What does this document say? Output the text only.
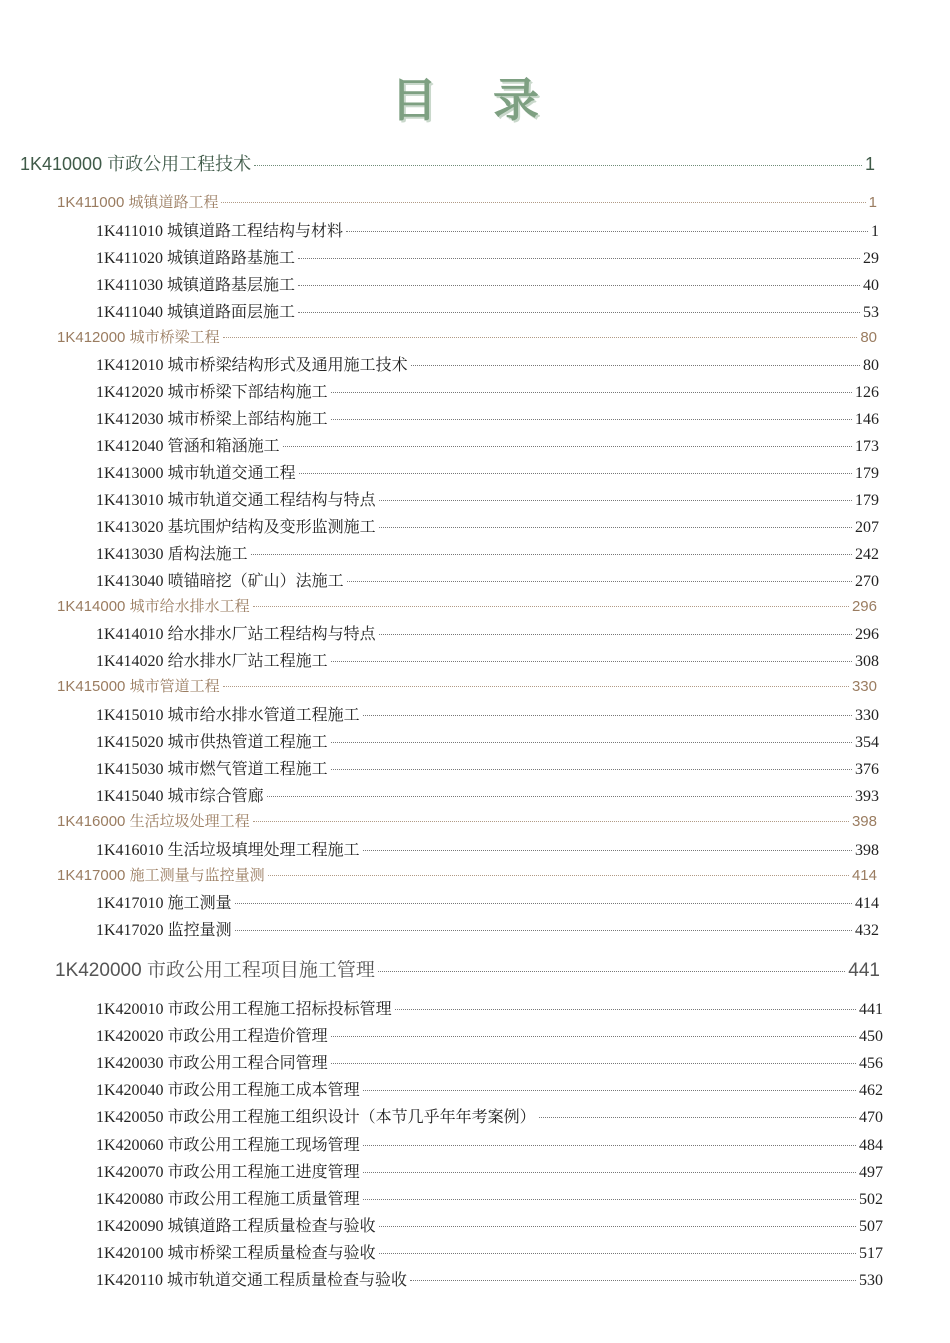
目 录
1K410000 市政公用工程技术	1
1K411000 城镇道路工程	1
1K411010 城镇道路工程结构与材料	1
1K411020 城镇道路路基施工	29
1K411030 城镇道路基层施工	40
1K411040 城镇道路面层施工	53
1K412000 城市桥梁工程	80
1K412010 城市桥梁结构形式及通用施工技术	80
1K412020 城市桥梁下部结构施工	126
1K412030 城市桥梁上部结构施工	146
1K412040 管涵和箱涵施工	173
1K413000 城市轨道交通工程	179
1K413010 城市轨道交通工程结构与特点	179
1K413020 基坑围炉结构及变形监测施工	207
1K413030 盾构法施工	242
1K413040 喷锚暗挖（矿山）法施工	270
1K414000 城市给水排水工程	296
1K414010 给水排水厂站工程结构与特点	296
1K414020 给水排水厂站工程施工	308
1K415000 城市管道工程	330
1K415010 城市给水排水管道工程施工	330
1K415020 城市供热管道工程施工	354
1K415030 城市燃气管道工程施工	376
1K415040 城市综合管廊	393
1K416000 生活垃圾处理工程	398
1K416010 生活垃圾填埋处理工程施工	398
1K417000 施工测量与监控量测	414
1K417010 施工测量	414
1K417020 监控量测	432
1K420000 市政公用工程项目施工管理	441
1K420010 市政公用工程施工招标投标管理	441
1K420020 市政公用工程造价管理	450
1K420030 市政公用工程合同管理	456
1K420040 市政公用工程施工成本管理	462
1K420050 市政公用工程施工组织设计（本节几乎年年考案例）	470
1K420060 市政公用工程施工现场管理	484
1K420070 市政公用工程施工进度管理	497
1K420080 市政公用工程施工质量管理	502
1K420090 城镇道路工程质量检查与验收	507
1K420100 城市桥梁工程质量检查与验收	517
1K420110 城市轨道交通工程质量检查与验收	530
